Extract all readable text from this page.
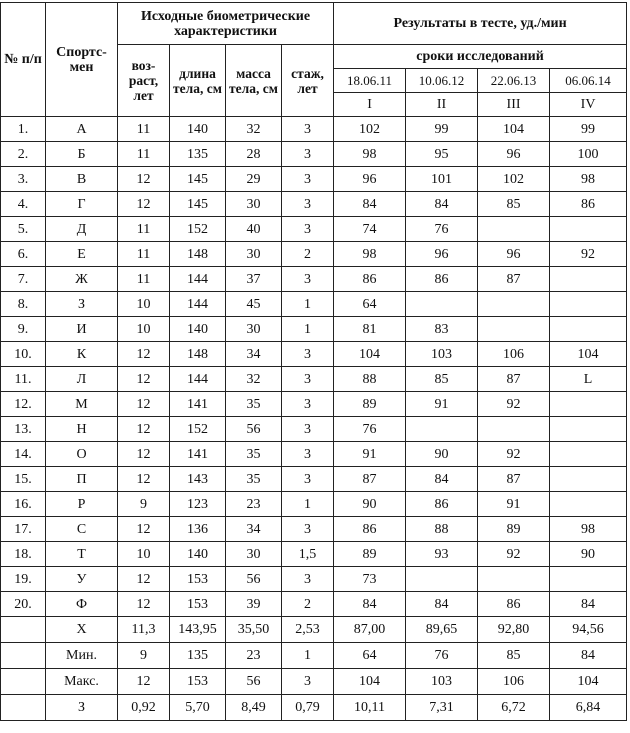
№ п/п	Спортс-мен	Исходные биометрические характеристики				Результаты в тесте, уд./мин			
		воз-раст, лет	длина тела, см	масса тела, см	стаж, лет	сроки исследований			
						18.06.11	10.06.12	22.06.13	06.06.14
						I	II	III	IV
1.	А	11	140	32	3	102	99	104	99
2.	Б	11	135	28	3	98	95	96	100
3.	В	12	145	29	3	96	101	102	98
4.	Г	12	145	30	3	84	84	85	86
5.	Д	11	152	40	3	74	76		
6.	Е	11	148	30	2	98	96	96	92
7.	Ж	11	144	37	3	86	86	87	
8.	З	10	144	45	1	64			
9.	И	10	140	30	1	81	83		
10.	К	12	148	34	3	104	103	106	104
11.	Л	12	144	32	3	88	85	87	L
12.	М	12	141	35	3	89	91	92	
13.	Н	12	152	56	3	76			
14.	О	12	141	35	3	91	90	92	
15.	П	12	143	35	3	87	84	87	
16.	Р	9	123	23	1	90	86	91	
17.	С	12	136	34	3	86	88	89	98
18.	Т	10	140	30	1,5	89	93	92	90
19.	У	12	153	56	3	73			
20.	Ф	12	153	39	2	84	84	86	84
	Х	11,3	143,95	35,50	2,53	87,00	89,65	92,80	94,56
	Мин.	9	135	23	1	64	76	85	84
	Макс.	12	153	56	3	104	103	106	104
	З	0,92	5,70	8,49	0,79	10,11	7,31	6,72	6,84
